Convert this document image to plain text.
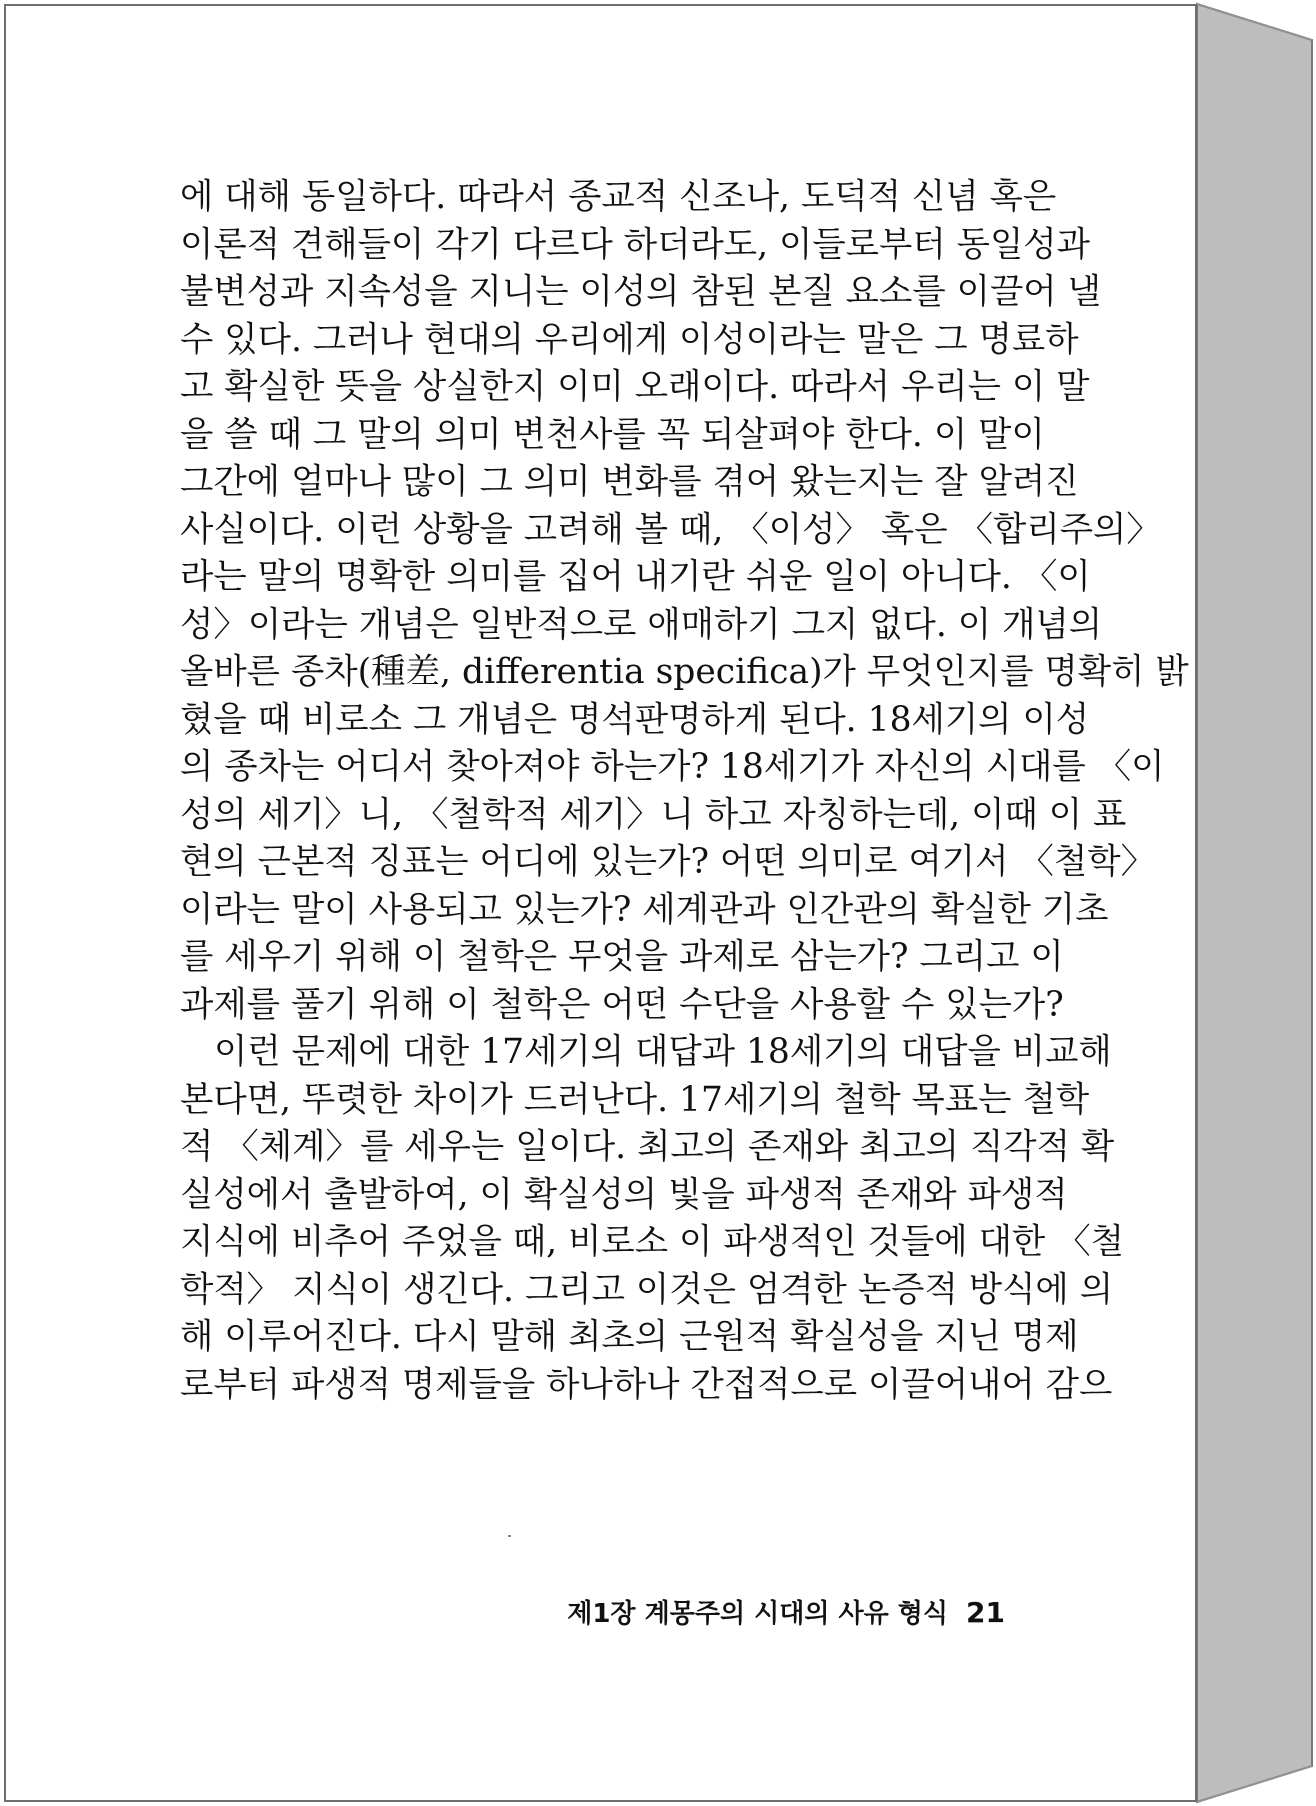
에 대해 동일하다. 따라서 종교적 신조나, 도덕적 신념 혹은
이론적 견해들이 각기 다르다 하더라도, 이들로부터 동일성과
불변성과 지속성을 지니는 이성의 참된 본질 요소를 이끌어 낼
수 있다. 그러나 현대의 우리에게 이성이라는 말은 그 명료하
고 확실한 뜻을 상실한지 이미 오래이다. 따라서 우리는 이 말
을 쓸 때 그 말의 의미 변천사를 꼭 되살펴야 한다. 이 말이
그간에 얼마나 많이 그 의미 변화를 겪어 왔는지는 잘 알려진
사실이다. 이런 상황을 고려해 볼 때, 〈이성〉 혹은 〈합리주의〉
라는 말의 명확한 의미를 집어 내기란 쉬운 일이 아니다. 〈이
성〉이라는 개념은 일반적으로 애매하기 그지 없다. 이 개념의
올바른 종차(種差, differentia specifica)가 무엇인지를 명확히 밝
혔을 때 비로소 그 개념은 명석판명하게 된다. 18세기의 이성
의 종차는 어디서 찾아져야 하는가? 18세기가 자신의 시대를 〈이
성의 세기〉니, 〈철학적 세기〉니 하고 자칭하는데, 이때 이 표
현의 근본적 징표는 어디에 있는가? 어떤 의미로 여기서 〈철학〉
이라는 말이 사용되고 있는가? 세계관과 인간관의 확실한 기초
를 세우기 위해 이 철학은 무엇을 과제로 삼는가? 그리고 이
과제를 풀기 위해 이 철학은 어떤 수단을 사용할 수 있는가?
이런 문제에 대한 17세기의 대답과 18세기의 대답을 비교해
본다면, 뚜렷한 차이가 드러난다. 17세기의 철학 목표는 철학
적 〈체계〉를 세우는 일이다. 최고의 존재와 최고의 직각적 확
실성에서 출발하여, 이 확실성의 빛을 파생적 존재와 파생적
지식에 비추어 주었을 때, 비로소 이 파생적인 것들에 대한 〈철
학적〉 지식이 생긴다. 그리고 이것은 엄격한 논증적 방식에 의
해 이루어진다. 다시 말해 최초의 근원적 확실성을 지닌 명제
로부터 파생적 명제들을 하나하나 간접적으로 이끌어내어 감으
제1장 계몽주의 시대의 사유 형식 21
